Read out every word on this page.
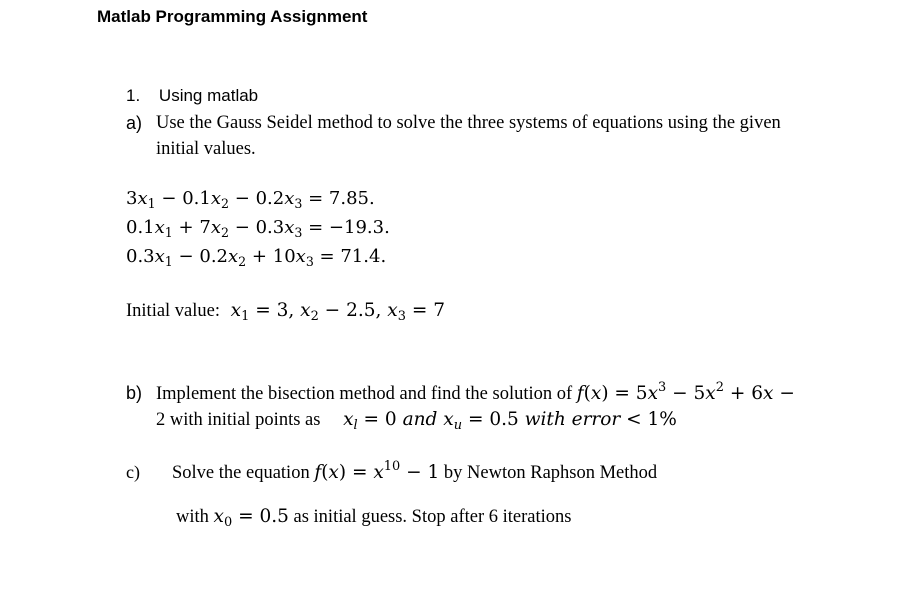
Matlab Programming Assignment
1. Using matlab
a) Use the Gauss Seidel method to solve the three systems of equations using the given
initial values.
$3x_1 - 0.1x_2 - 0.2x_3 = 7.85$.
$0.1x_1 + 7x_2 - 0.3x_3 = -19.3$.
$0.3x_1 - 0.2x_2 + 10x_3 = 71.4$.
Initial value: $x_1 = 3$, $x_2 - 2.5$, $x_3 = 7$
b) Implement the bisection method and find the solution of $f(x) = 5x^3 - 5x^2 + 6x$ −
2 with initial points as $x_l = 0$ and $x_u = 0.5$ with error < 1%
c) Solve the equation $f(x) = x^{10} - 1$ by Newton Raphson Method
with $x_0 = 0.5$ as initial guess. Stop after 6 iterations
